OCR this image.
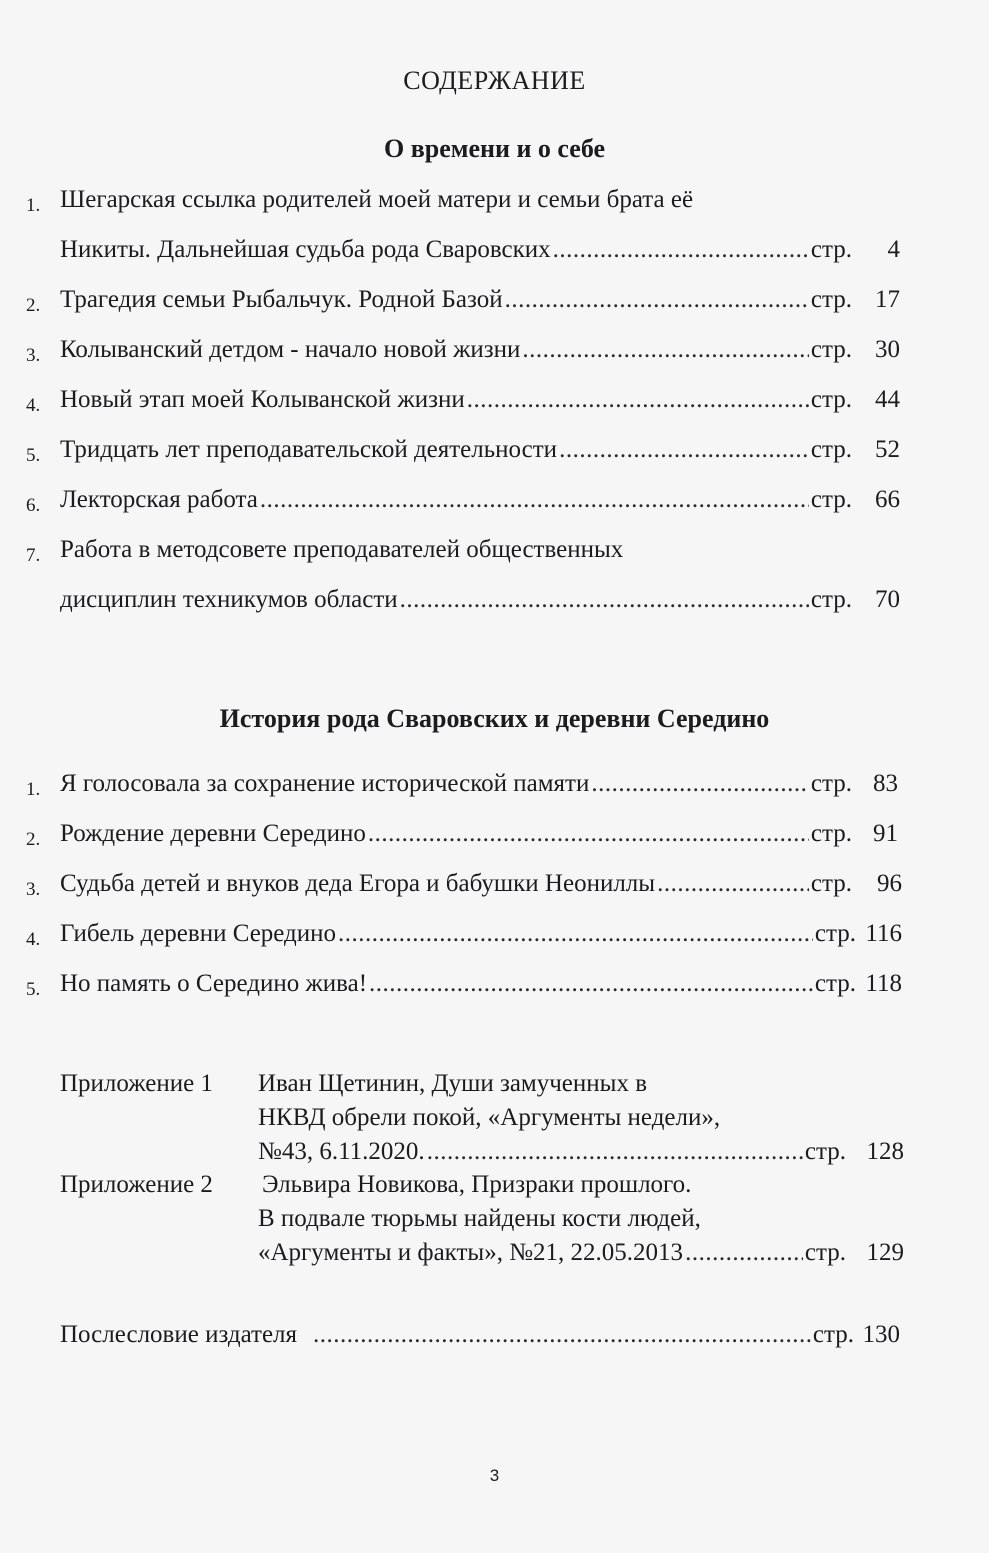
СОДЕРЖАНИЕ
О времени и о себе
1. Шегарская ссылка родителей моей матери и семьи брата её
Никиты. Дальнейшая судьба рода Сваровских .....	стр.	4
2. Трагедия семьи Рыбальчук. Родной Базой .....	стр. 17
3. Колыванский детдом - начало новой жизни .....	стр. 30
4. Новый этап моей Колыванской жизни .....	стр. 44
5. Тридцать лет преподавательской деятельности .....	стр. 52
6. Лекторская работа .....	стр. 66
7. Работа в методсовете преподавателей общественных
дисциплин техникумов области .....	стр. 70
История рода Сваровских и деревни Середино
1. Я голосовала за сохранение исторической памяти .....	стр. 83
2. Рождение деревни Середино .....	стр. 91
3. Судьба детей и внуков деда Егора и бабушки Неониллы .....	стр.	96
4. Гибель деревни Середино .....	стр. 116
5. Но память о Середино жива! .....	стр. 118
Приложение 1 Иван Щетинин, Души замученных в
НКВД обрели покой, «Аргументы недели»,
№43, 6.11.2020. .....	стр. 128
Приложение 2 Эльвира Новикова, Призраки прошлого.
В подвале тюрьмы найдены кости людей,
«Аргументы и факты», №21, 22.05.2013 .....	стр. 129
Послесловие издателя .....	стр. 130
3
